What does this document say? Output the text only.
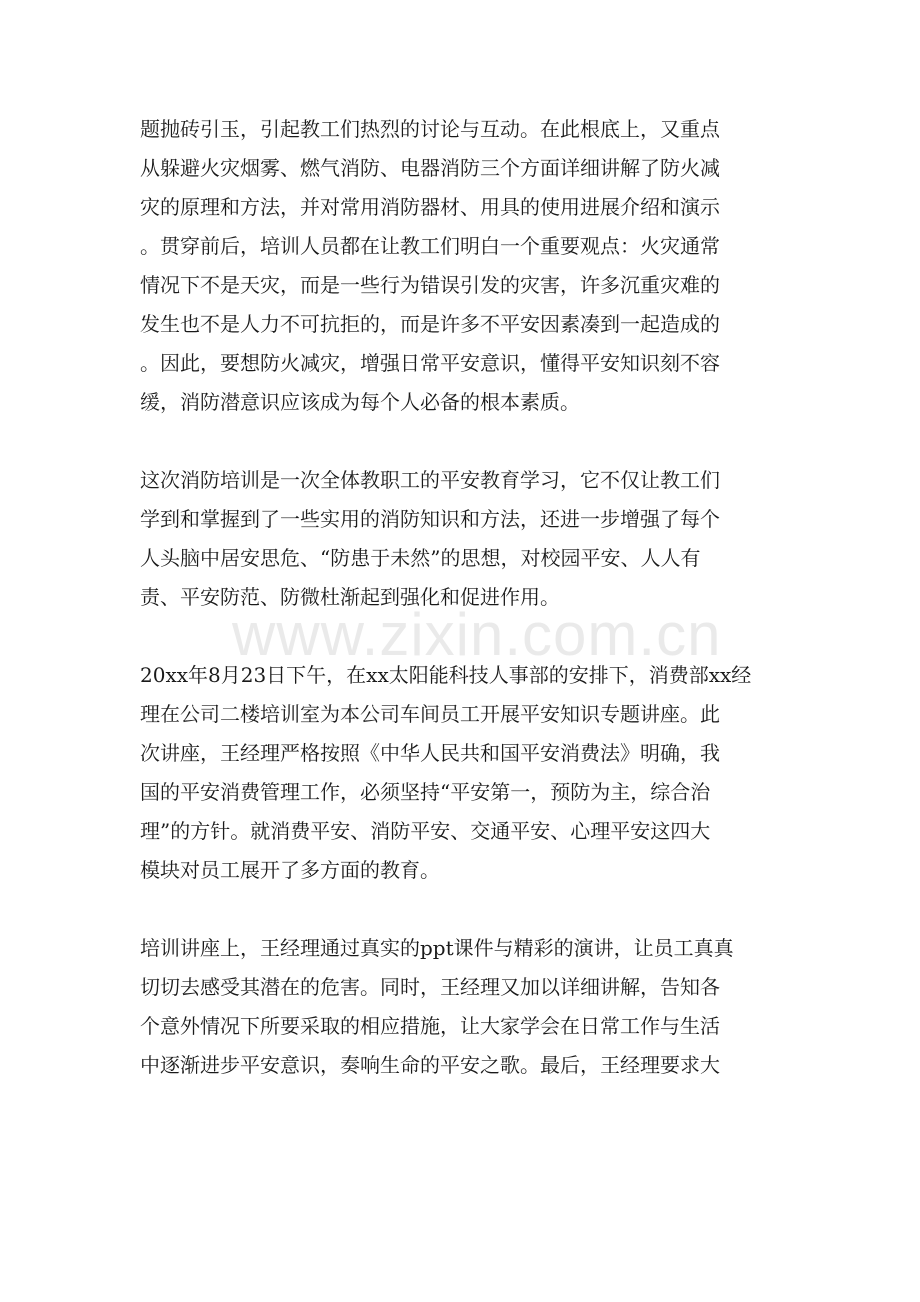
题抛砖引玉，引起教工们热烈的讨论与互动。在此根底上，又重点
从躲避火灾烟雾、燃气消防、电器消防三个方面详细讲解了防火减
灾的原理和方法，并对常用消防器材、用具的使用进展介绍和演示
。贯穿前后，培训人员都在让教工们明白一个重要观点：火灾通常
情况下不是天灾，而是一些行为错误引发的灾害，许多沉重灾难的
发生也不是人力不可抗拒的，而是许多不平安因素凑到一起造成的
。因此，要想防火减灾，增强日常平安意识，懂得平安知识刻不容
缓，消防潜意识应该成为每个人必备的根本素质。

这次消防培训是一次全体教职工的平安教育学习，它不仅让教工们
学到和掌握到了一些实用的消防知识和方法，还进一步增强了每个
人头脑中居安思危、“防患于未然”的思想，对校园平安、人人有
责、平安防范、防微杜渐起到强化和促进作用。

20xx年8月23日下午，在xx太阳能科技人事部的安排下，消费部xx经
理在公司二楼培训室为本公司车间员工开展平安知识专题讲座。此
次讲座，王经理严格按照《中华人民共和国平安消费法》明确，我
国的平安消费管理工作，必须坚持“平安第一，预防为主，综合治
理”的方针。就消费平安、消防平安、交通平安、心理平安这四大
模块对员工展开了多方面的教育。

培训讲座上，王经理通过真实的ppt课件与精彩的演讲，让员工真真
切切去感受其潜在的危害。同时，王经理又加以详细讲解，告知各
个意外情况下所要采取的相应措施，让大家学会在日常工作与生活
中逐渐进步平安意识，奏响生命的平安之歌。最后，王经理要求大

www.zixin.com.cn
